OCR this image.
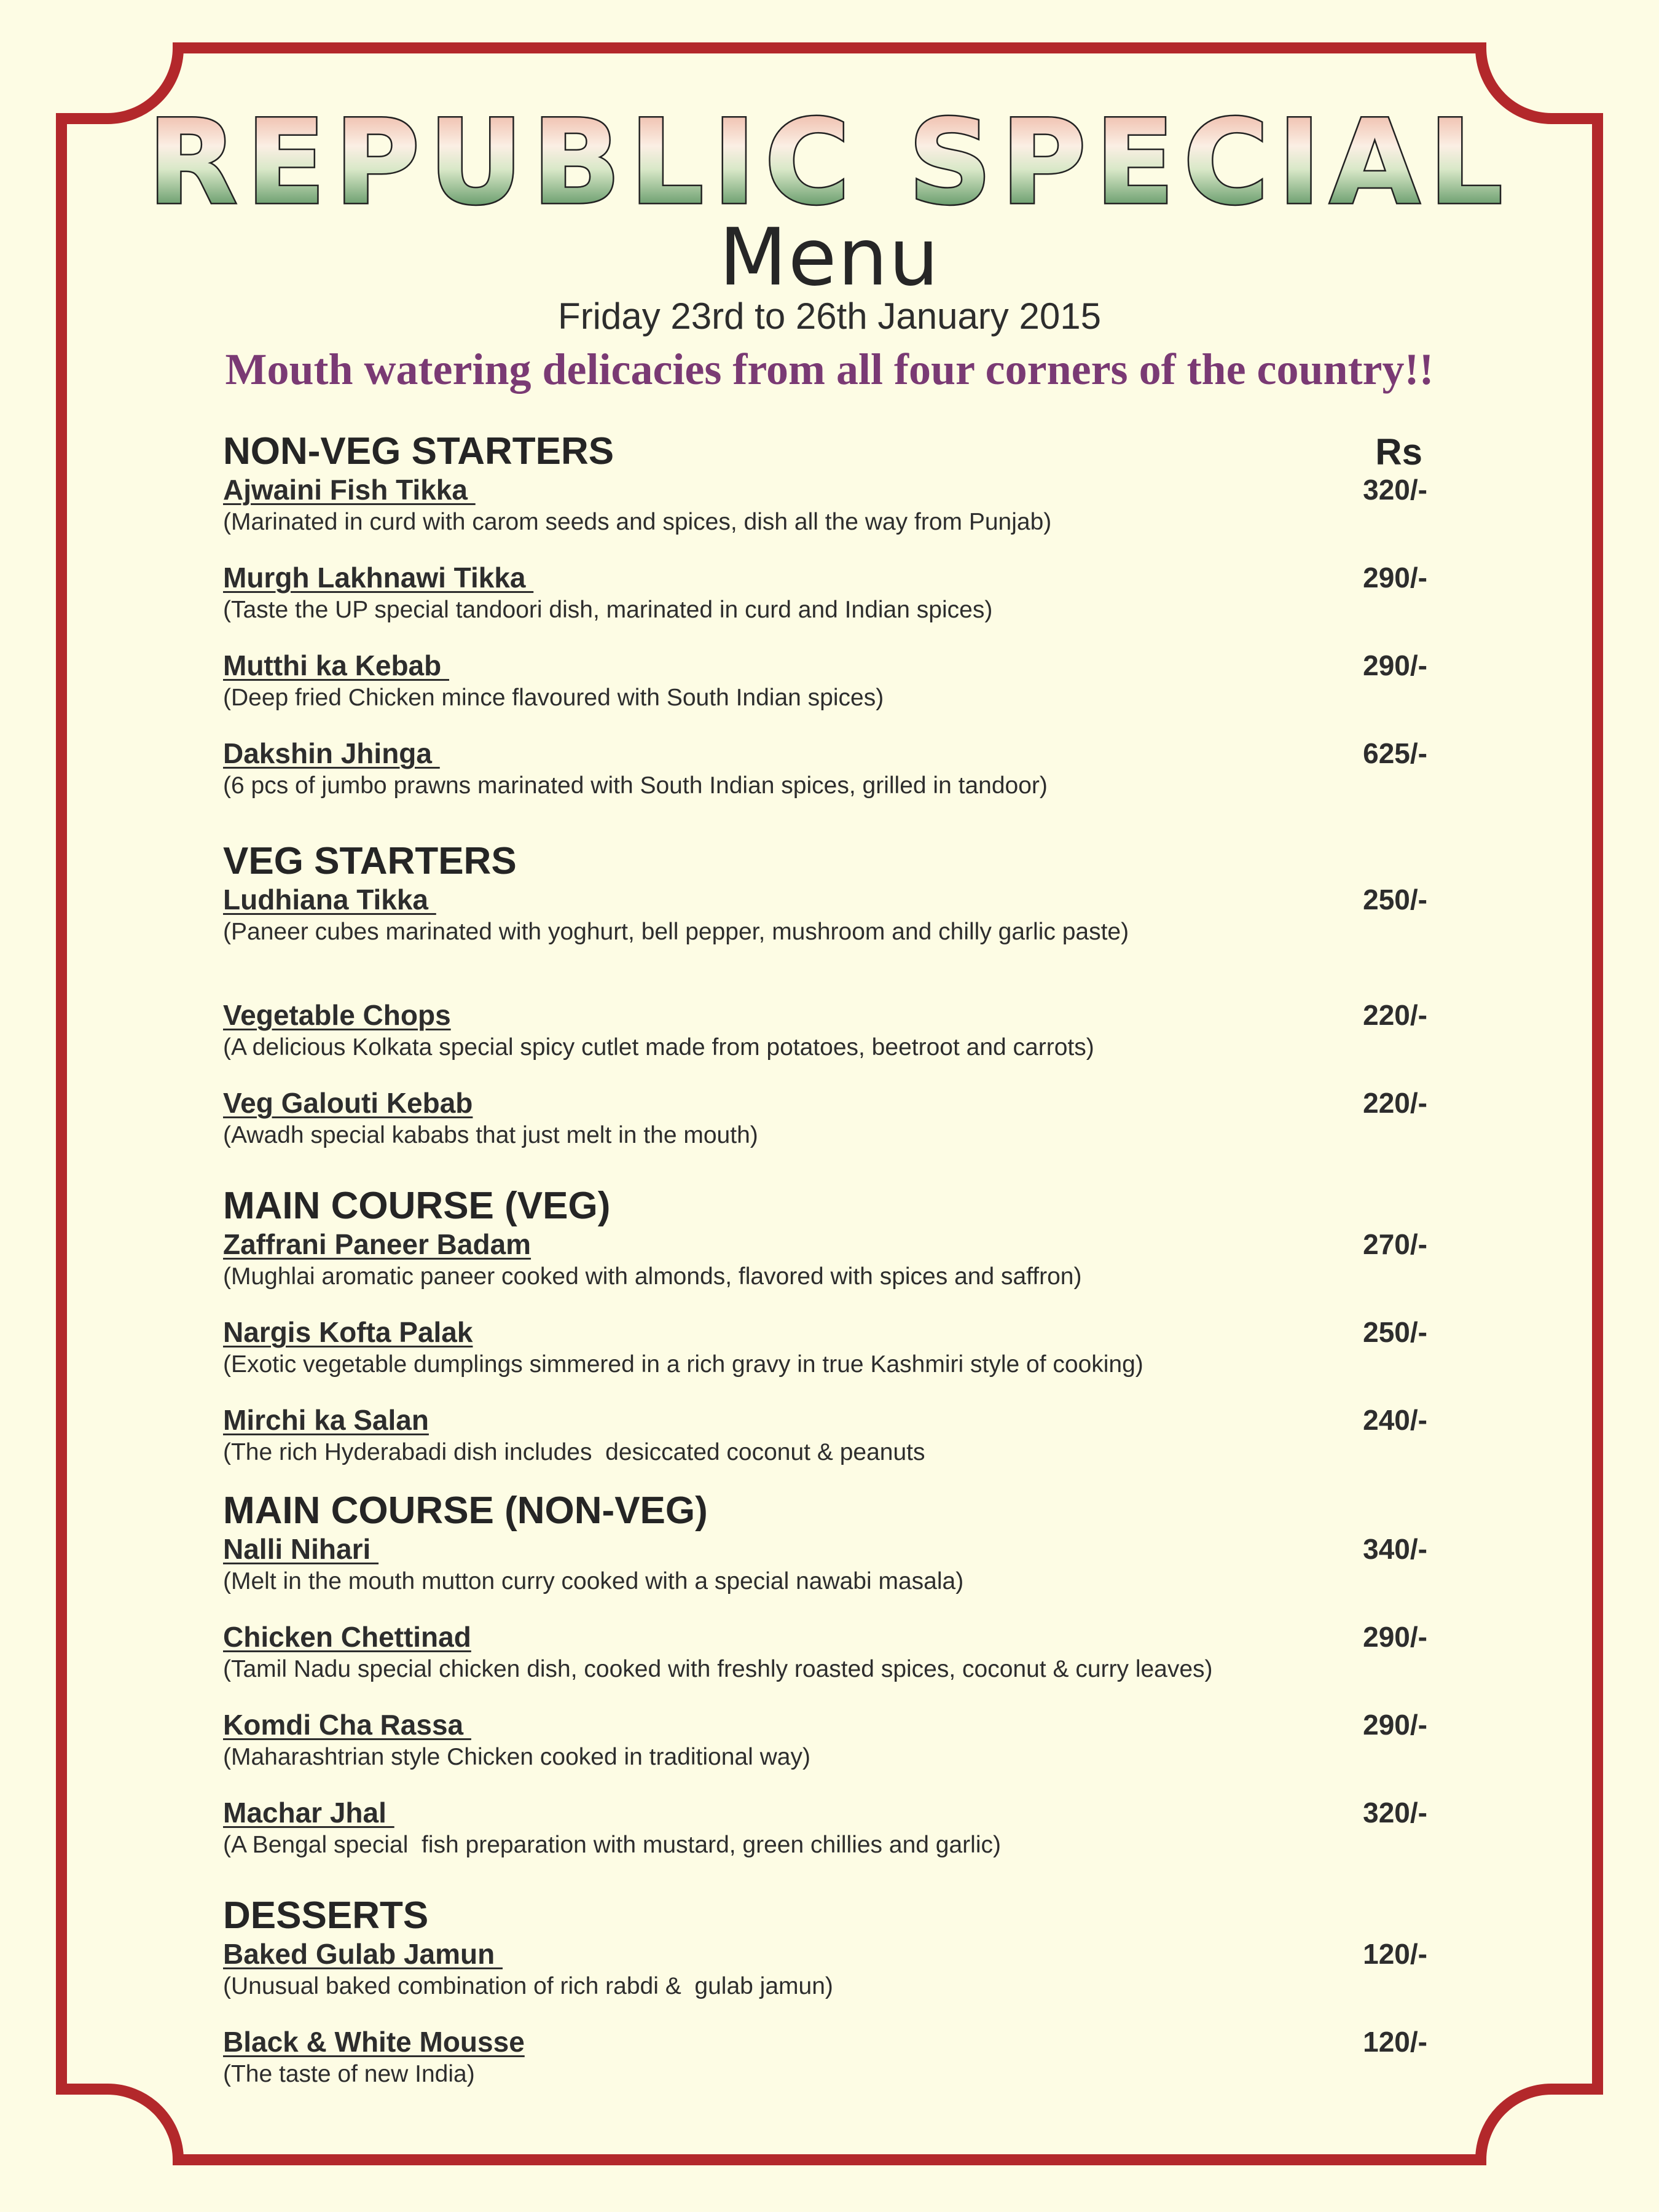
REPUBLIC SPECIAL
Menu
Friday 23rd to 26th January 2015
Mouth watering delicacies from all four corners of the country!!
NON-VEG STARTERS	Rs
Ajwaini Fish Tikka	320/-
(Marinated in curd with carom seeds and spices, dish all the way from Punjab)
Murgh Lakhnawi Tikka	290/-
(Taste the UP special tandoori dish, marinated in curd and Indian spices)
Mutthi ka Kebab	290/-
(Deep fried Chicken mince flavoured with South Indian spices)
Dakshin Jhinga	625/-
(6 pcs of jumbo prawns marinated with South Indian spices, grilled in tandoor)
VEG STARTERS
Ludhiana Tikka	250/-
(Paneer cubes marinated with yoghurt, bell pepper, mushroom and chilly garlic paste)
Vegetable Chops	220/-
(A delicious Kolkata special spicy cutlet made from potatoes, beetroot and carrots)
Veg Galouti Kebab	220/-
(Awadh special kababs that just melt in the mouth)
MAIN COURSE (VEG)
Zaffrani Paneer Badam	270/-
(Mughlai aromatic paneer cooked with almonds, flavored with spices and saffron)
Nargis Kofta Palak	250/-
(Exotic vegetable dumplings simmered in a rich gravy in true Kashmiri style of cooking)
Mirchi ka Salan	240/-
(The rich Hyderabadi dish includes  desiccated coconut & peanuts
MAIN COURSE (NON-VEG)
Nalli Nihari	340/-
(Melt in the mouth mutton curry cooked with a special nawabi masala)
Chicken Chettinad	290/-
(Tamil Nadu special chicken dish, cooked with freshly roasted spices, coconut & curry leaves)
Komdi Cha Rassa	290/-
(Maharashtrian style Chicken cooked in traditional way)
Machar Jhal	320/-
(A Bengal special  fish preparation with mustard, green chillies and garlic)
DESSERTS
Baked Gulab Jamun	120/-
(Unusual baked combination of rich rabdi &  gulab jamun)
Black & White Mousse	120/-
(The taste of new India)
